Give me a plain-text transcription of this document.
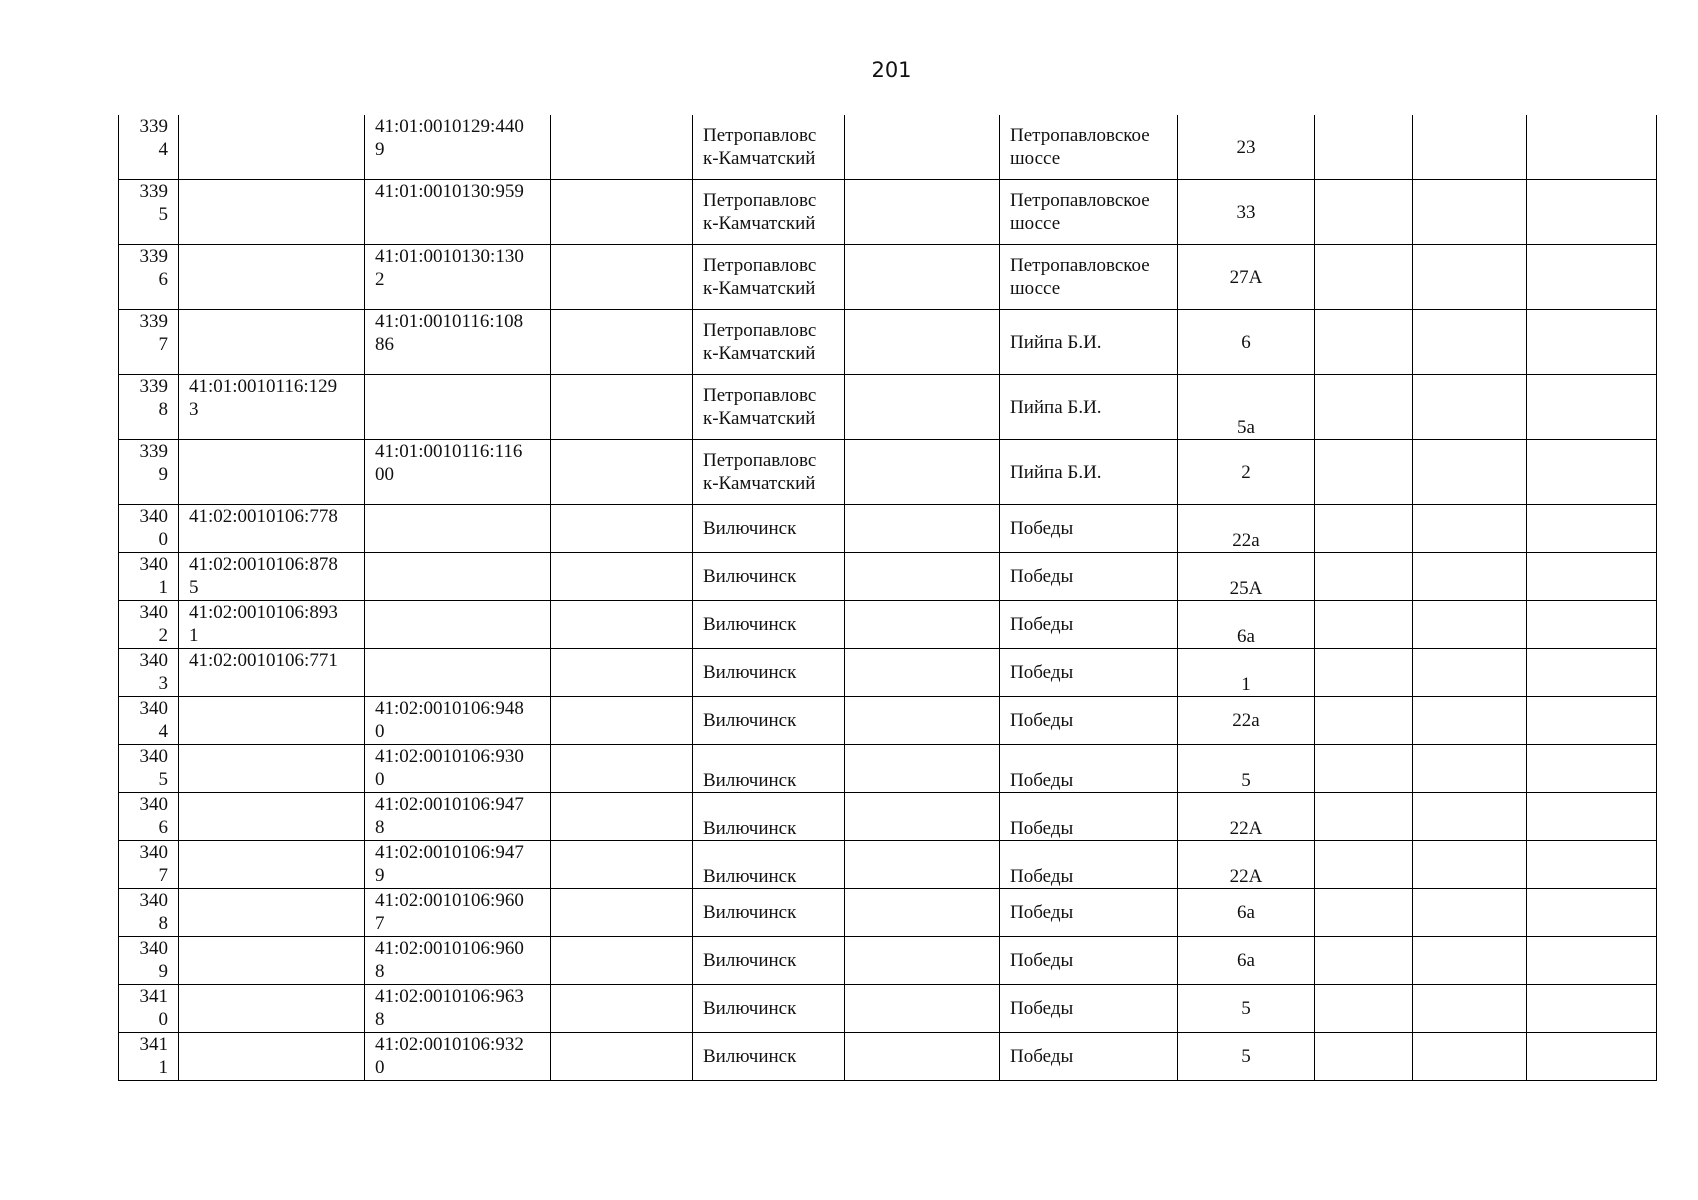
201
339
4		41:01:0010129:440
9		Петропавловс
к-Камчатский		Петропавловское
шоссе	23			

339
5		41:01:0010130:959		Петропавловс
к-Камчатский		Петропавловское
шоссе	33			

339
6		41:01:0010130:130
2		Петропавловс
к-Камчатский		Петропавловское
шоссе	27А			

339
7		41:01:0010116:108
86		Петропавловс
к-Камчатский		Пийпа Б.И.	6			

339
8	41:01:0010116:129
3			Петропавловс
к-Камчатский		Пийпа Б.И.	5а			

339
9		41:01:0010116:116
00		Петропавловс
к-Камчатский		Пийпа Б.И.	2			

340
0	41:02:0010106:778			Вилючинск		Победы	22а			

340
1	41:02:0010106:878
5			Вилючинск		Победы	25А			

340
2	41:02:0010106:893
1			Вилючинск		Победы	6а			

340
3	41:02:0010106:771			Вилючинск		Победы	1			

340
4		41:02:0010106:948
0		Вилючинск		Победы	22а			

340
5		41:02:0010106:930
0		Вилючинск		Победы	5			

340
6		41:02:0010106:947
8		Вилючинск		Победы	22А			

340
7		41:02:0010106:947
9		Вилючинск		Победы	22А			

340
8		41:02:0010106:960
7		Вилючинск		Победы	6а			

340
9		41:02:0010106:960
8		Вилючинск		Победы	6а			

341
0		41:02:0010106:963
8		Вилючинск		Победы	5			

341
1		41:02:0010106:932
0		Вилючинск		Победы	5			
